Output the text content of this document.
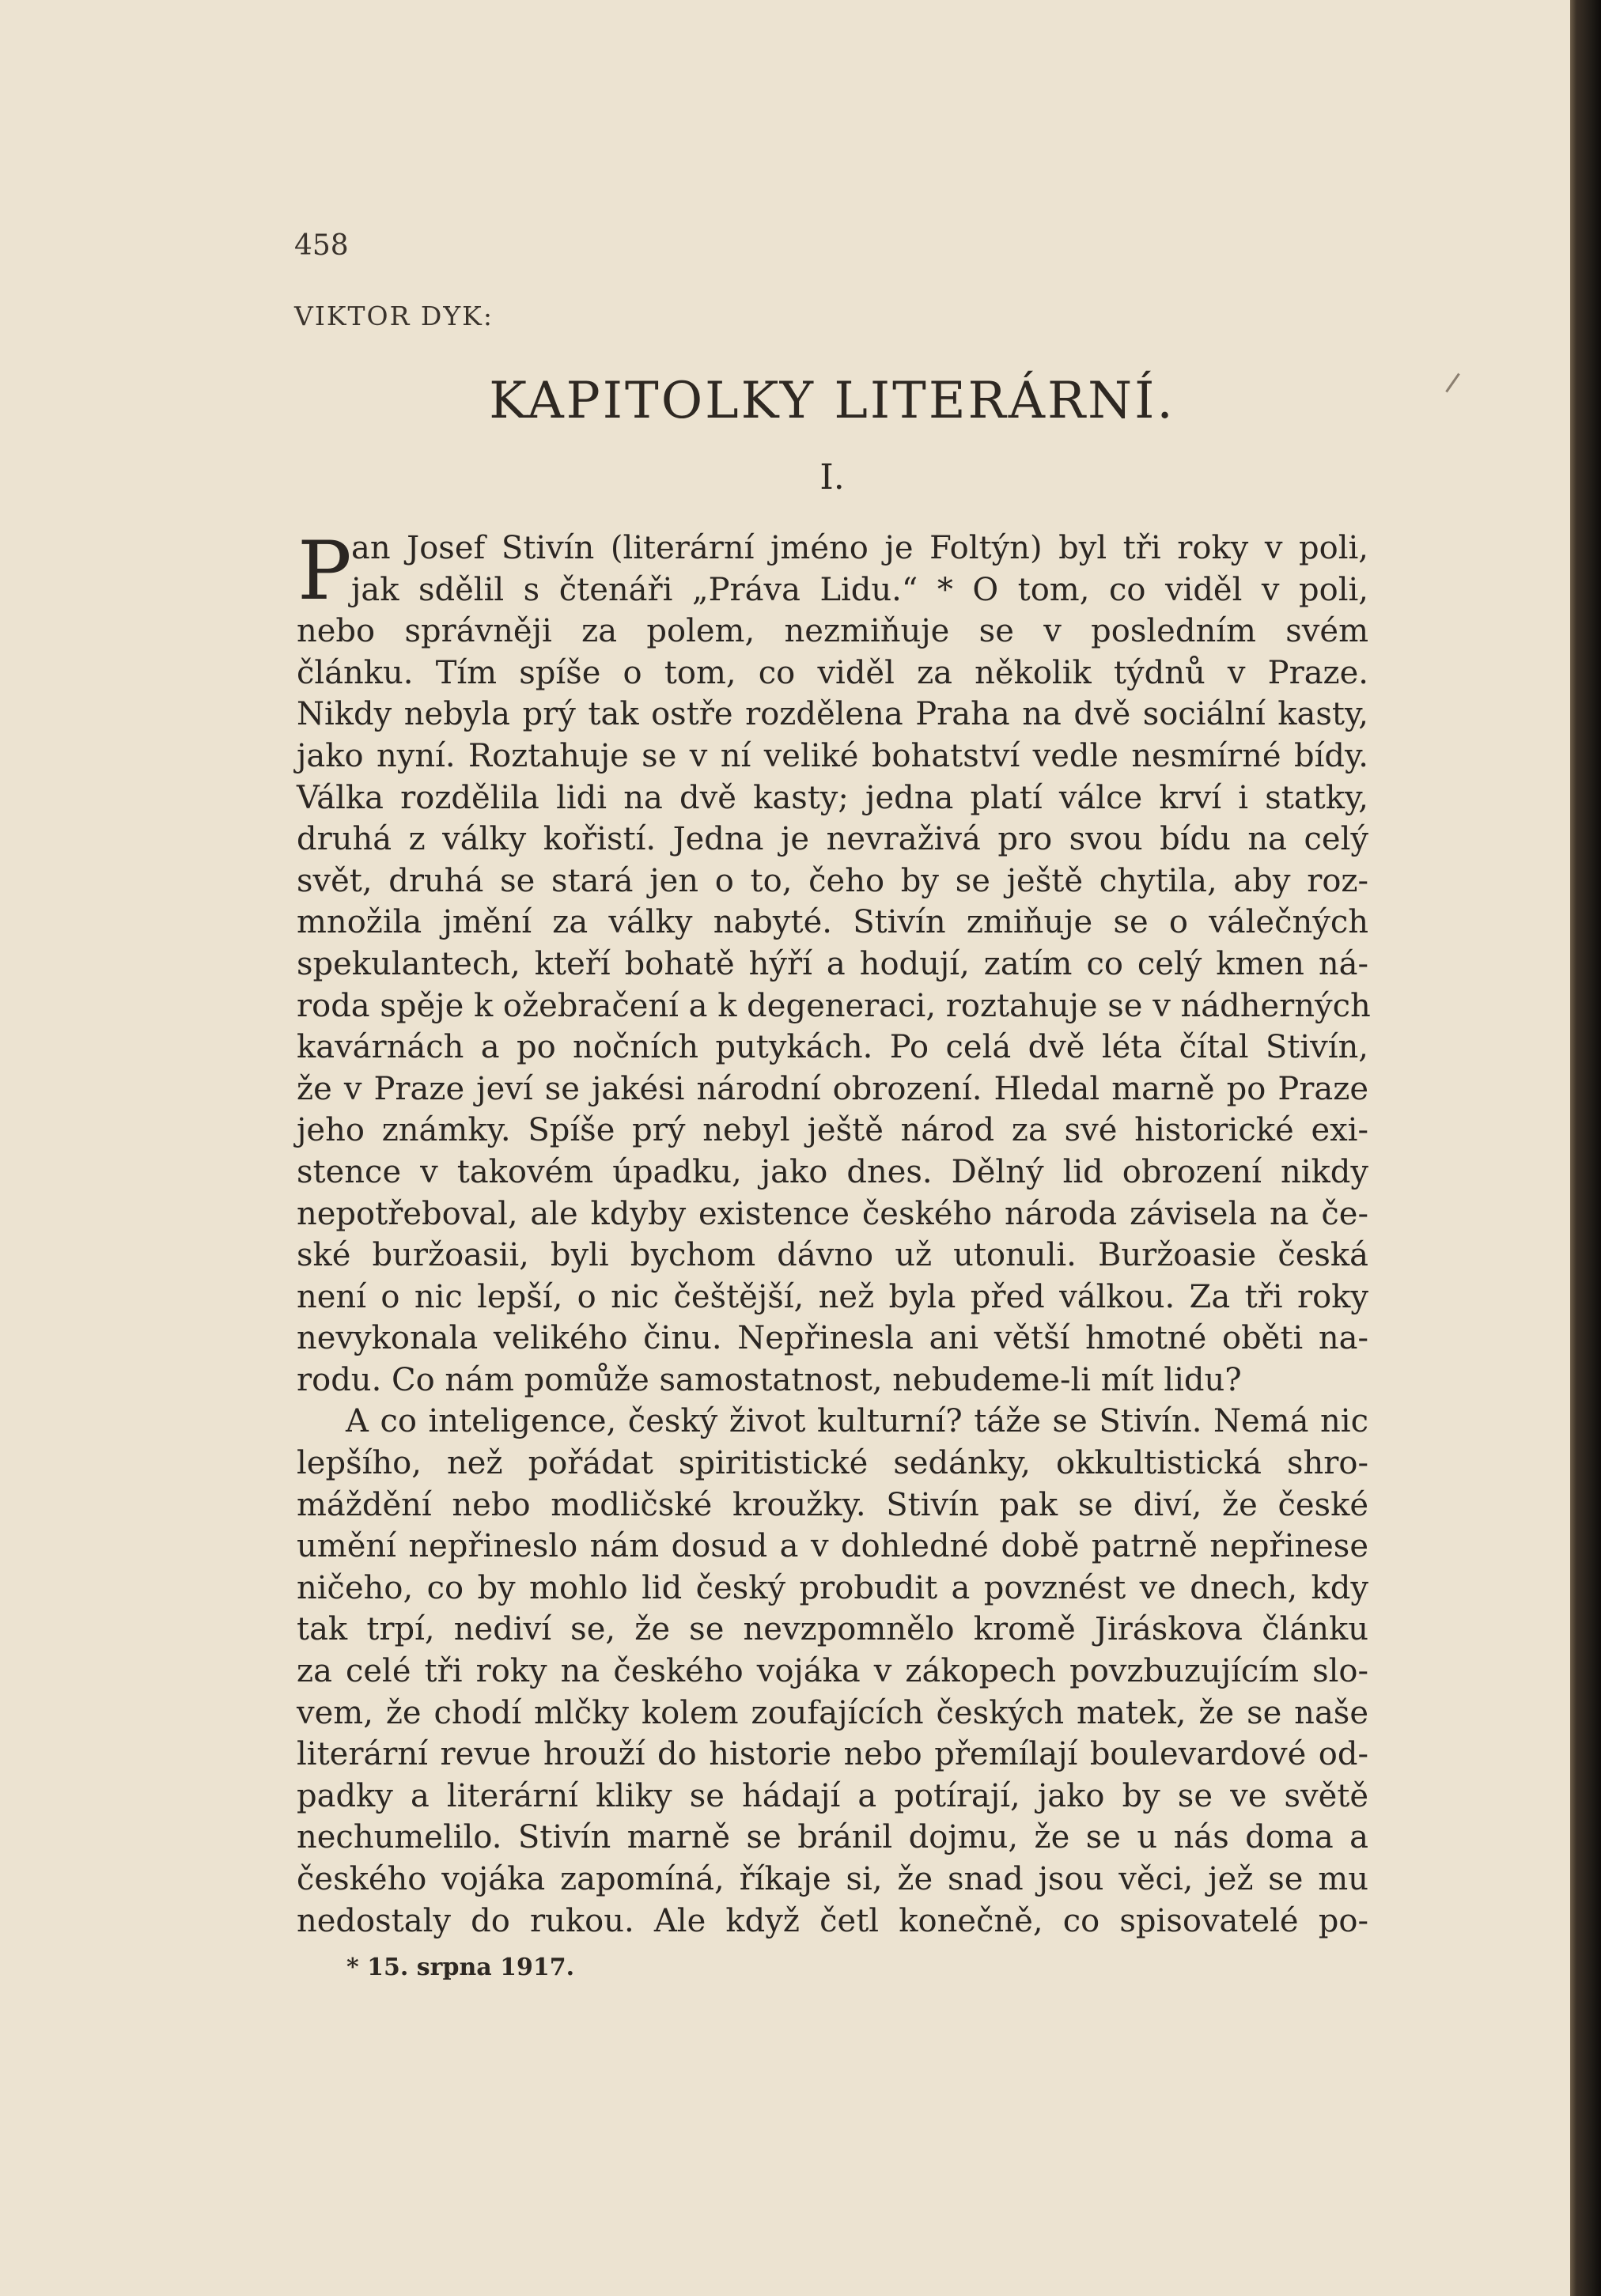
458
VIKTOR DYK:
KAPITOLKY LITERÁRNÍ.
I.
P an Josef Stivín (literární jméno je Foltýn) byl tři roky v poli,
jak sdělil s čtenáři „Práva Lidu.“ * O tom, co viděl v poli,
nebo správněji za polem, nezmiňuje se v posledním svém
článku. Tím spíše o tom, co viděl za několik týdnů v Praze.
Nikdy nebyla prý tak ostře rozdělena Praha na dvě sociální kasty,
jako nyní. Roztahuje se v ní veliké bohatství vedle nesmírné bídy.
Válka rozdělila lidi na dvě kasty; jedna platí válce krví i statky,
druhá z války kořistí. Jedna je nevraživá pro svou bídu na celý
svět, druhá se stará jen o to, čeho by se ještě chytila, aby roz-
množila jmění za války nabyté. Stivín zmiňuje se o válečných
spekulantech, kteří bohatě hýří a hodují, zatím co celý kmen ná-
roda spěje k ožebračení a k degeneraci, roztahuje se v nádherných
kavárnách a po nočních putykách. Po celá dvě léta čítal Stivín,
že v Praze jeví se jakési národní obrození. Hledal marně po Praze
jeho známky. Spíše prý nebyl ještě národ za své historické exi-
stence v takovém úpadku, jako dnes. Dělný lid obrození nikdy
nepotřeboval, ale kdyby existence českého národa závisela na če-
ské buržoasii, byli bychom dávno už utonuli. Buržoasie česká
není o nic lepší, o nic češtější, než byla před válkou. Za tři roky
nevykonala velikého činu. Nepřinesla ani větší hmotné oběti na-
rodu. Co nám pomůže samostatnost, nebudeme-li mít lidu?
A co inteligence, český život kulturní? táže se Stivín. Nemá nic
lepšího, než pořádat spiritistické sedánky, okkultistická shro-
máždění nebo modličské kroužky. Stivín pak se diví, že české
umění nepřineslo nám dosud a v dohledné době patrně nepřinese
ničeho, co by mohlo lid český probudit a povznést ve dnech, kdy
tak trpí, nediví se, že se nevzpomnělo kromě Jiráskova článku
za celé tři roky na českého vojáka v zákopech povzbuzujícím slo-
vem, že chodí mlčky kolem zoufajících českých matek, že se naše
literární revue hrouží do historie nebo přemílají boulevardové od-
padky a literární kliky se hádají a potírají, jako by se ve světě
nechumelilo. Stivín marně se bránil dojmu, že se u nás doma a
českého vojáka zapomíná, říkaje si, že snad jsou věci, jež se mu
nedostaly do rukou. Ale když četl konečně, co spisovatelé po-
* 15. srpna 1917.
